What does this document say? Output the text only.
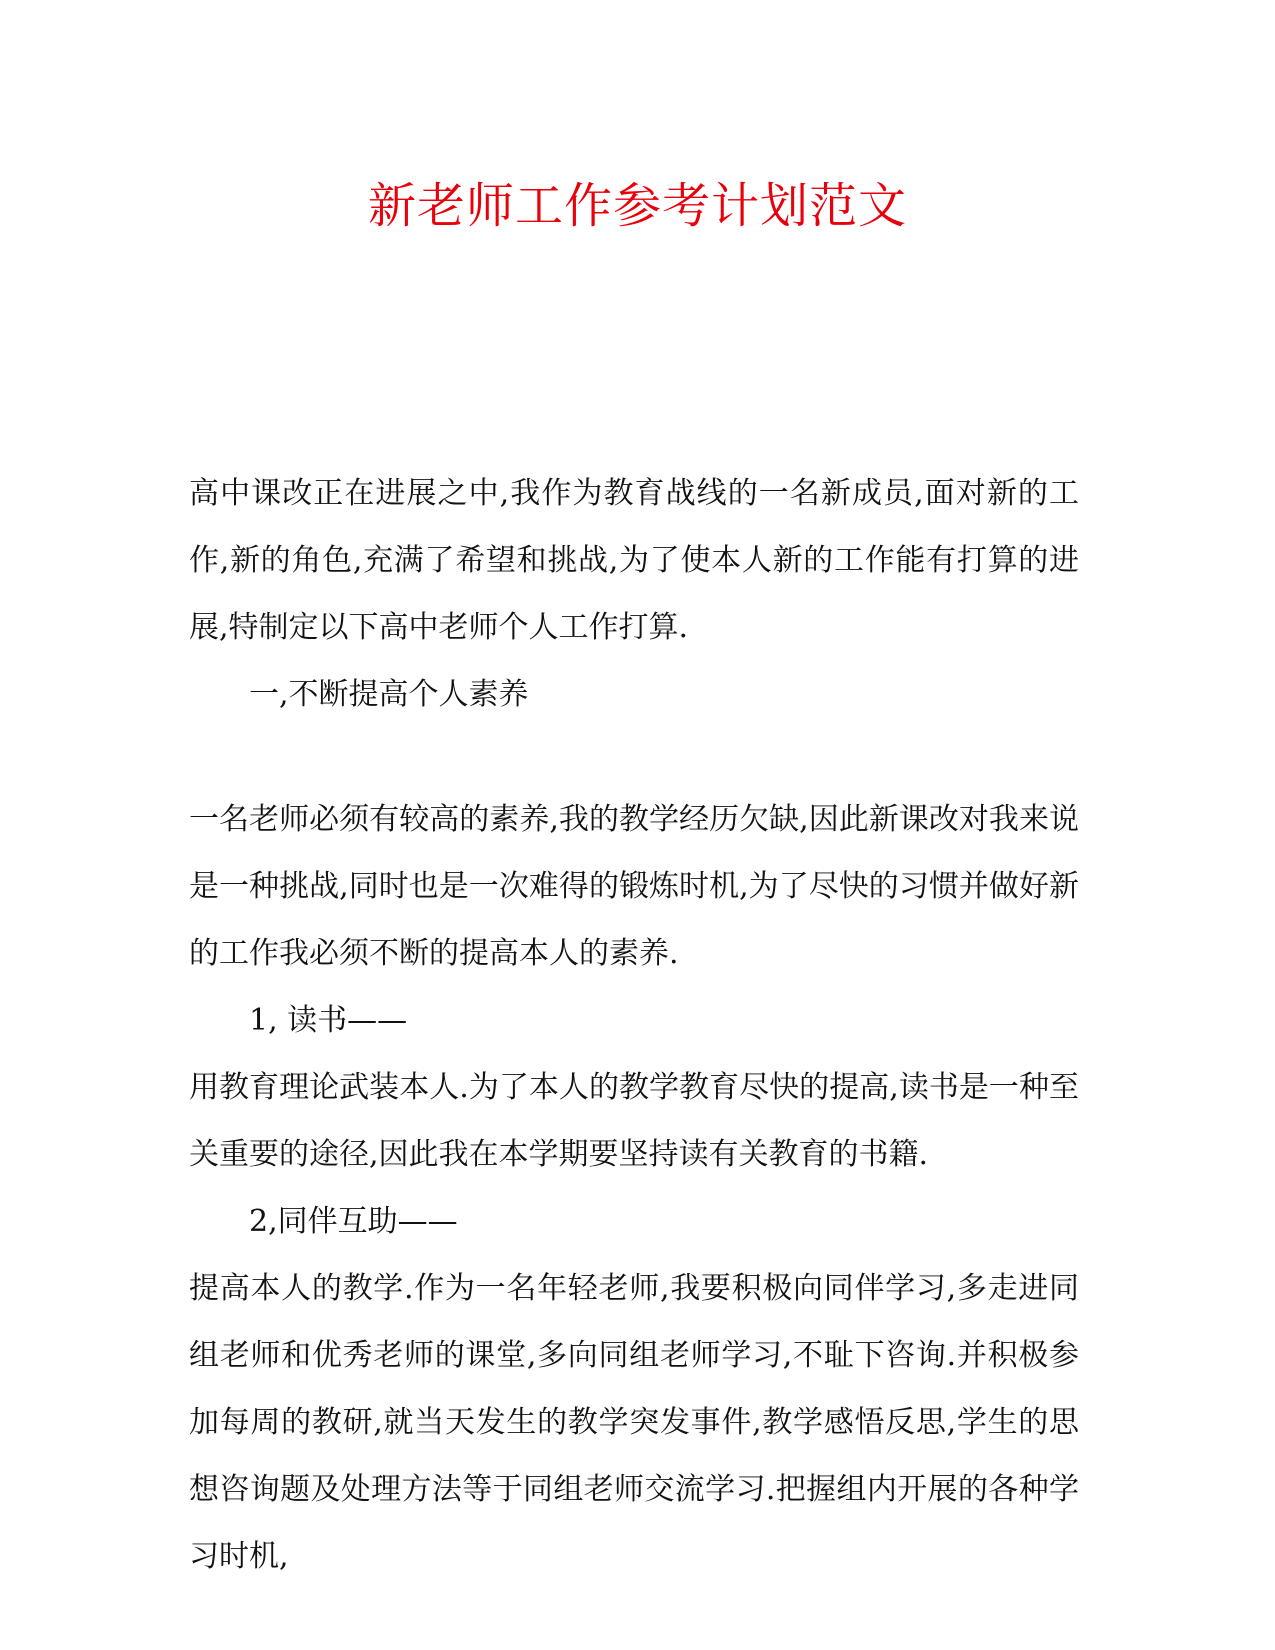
新老师工作参考计划范文

高中课改正在进展之中,我作为教育战线的一名新成员,面对新的工作,新的角色,充满了希望和挑战,为了使本人新的工作能有打算的进展,特制定以下高中老师个人工作打算.

一,不断提高个人素养

一名老师必须有较高的素养,我的教学经历欠缺,因此新课改对我来说是一种挑战,同时也是一次难得的锻炼时机,为了尽快的习惯并做好新的工作我必须不断的提高本人的素养.

1, 读书——

用教育理论武装本人.为了本人的教学教育尽快的提高,读书是一种至关重要的途径,因此我在本学期要坚持读有关教育的书籍.

2,同伴互助——

提高本人的教学.作为一名年轻老师,我要积极向同伴学习,多走进同组老师和优秀老师的课堂,多向同组老师学习,不耻下咨询.并积极参加每周的教研,就当天发生的教学突发事件,教学感悟反思,学生的思想咨询题及处理方法等于同组老师交流学习.把握组内开展的各种学习时机,
